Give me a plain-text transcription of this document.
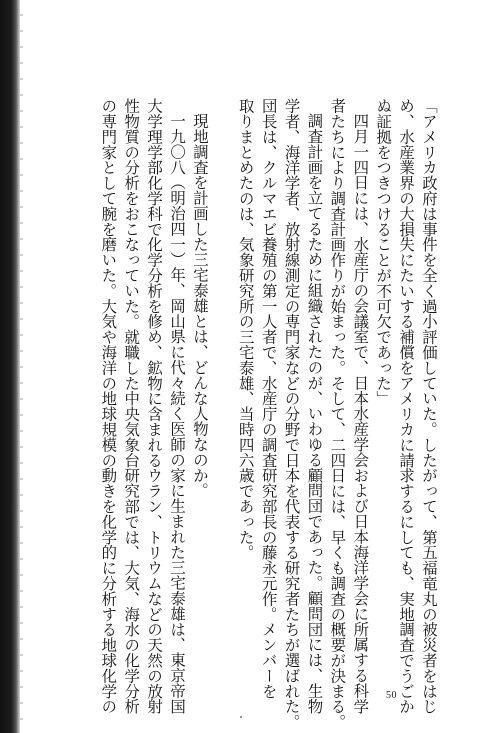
「アメリカ政府は事件を全く過小評価していた。したがって、第五福竜丸の被災者をはじ

め、水産業界の大損失にたいする補償をアメリカに請求するにしても、実地調査でうごか

ぬ証拠をつきつけることが不可欠であった」

四月一四日には、水産庁の会議室で、日本水産学会および日本海洋学会に所属する科学

者たちにより調査計画作りが始まった。そして、二四日には、早くも調査の概要が決まる。

調査計画を立てるために組織されたのが、いわゆる顧問団であった。顧問団には、生物

学者、海洋学者、放射線測定の専門家などの分野で日本を代表する研究者たちが選ばれた。

団長は、クルマエビ養殖の第一人者で、水産庁の調査研究部長の藤永元作。メンバーを

取りまとめたのは、気象研究所の三宅泰雄、当時四六歳であった。

現地調査を計画した三宅泰雄とは、どんな人物なのか。

一九〇八（明治四一）年、岡山県に代々続く医師の家に生まれた三宅泰雄は、東京帝国

大学理学部化学科で化学分析を修め、鉱物に含まれるウラン、トリウムなどの天然の放射

性物質の分析をおこなっていた。就職した中央気象台研究部では、大気、海水の化学分析

の専門家として腕を磨いた。大気や海洋の地球規模の動きを化学的に分析する地球化学の	50
